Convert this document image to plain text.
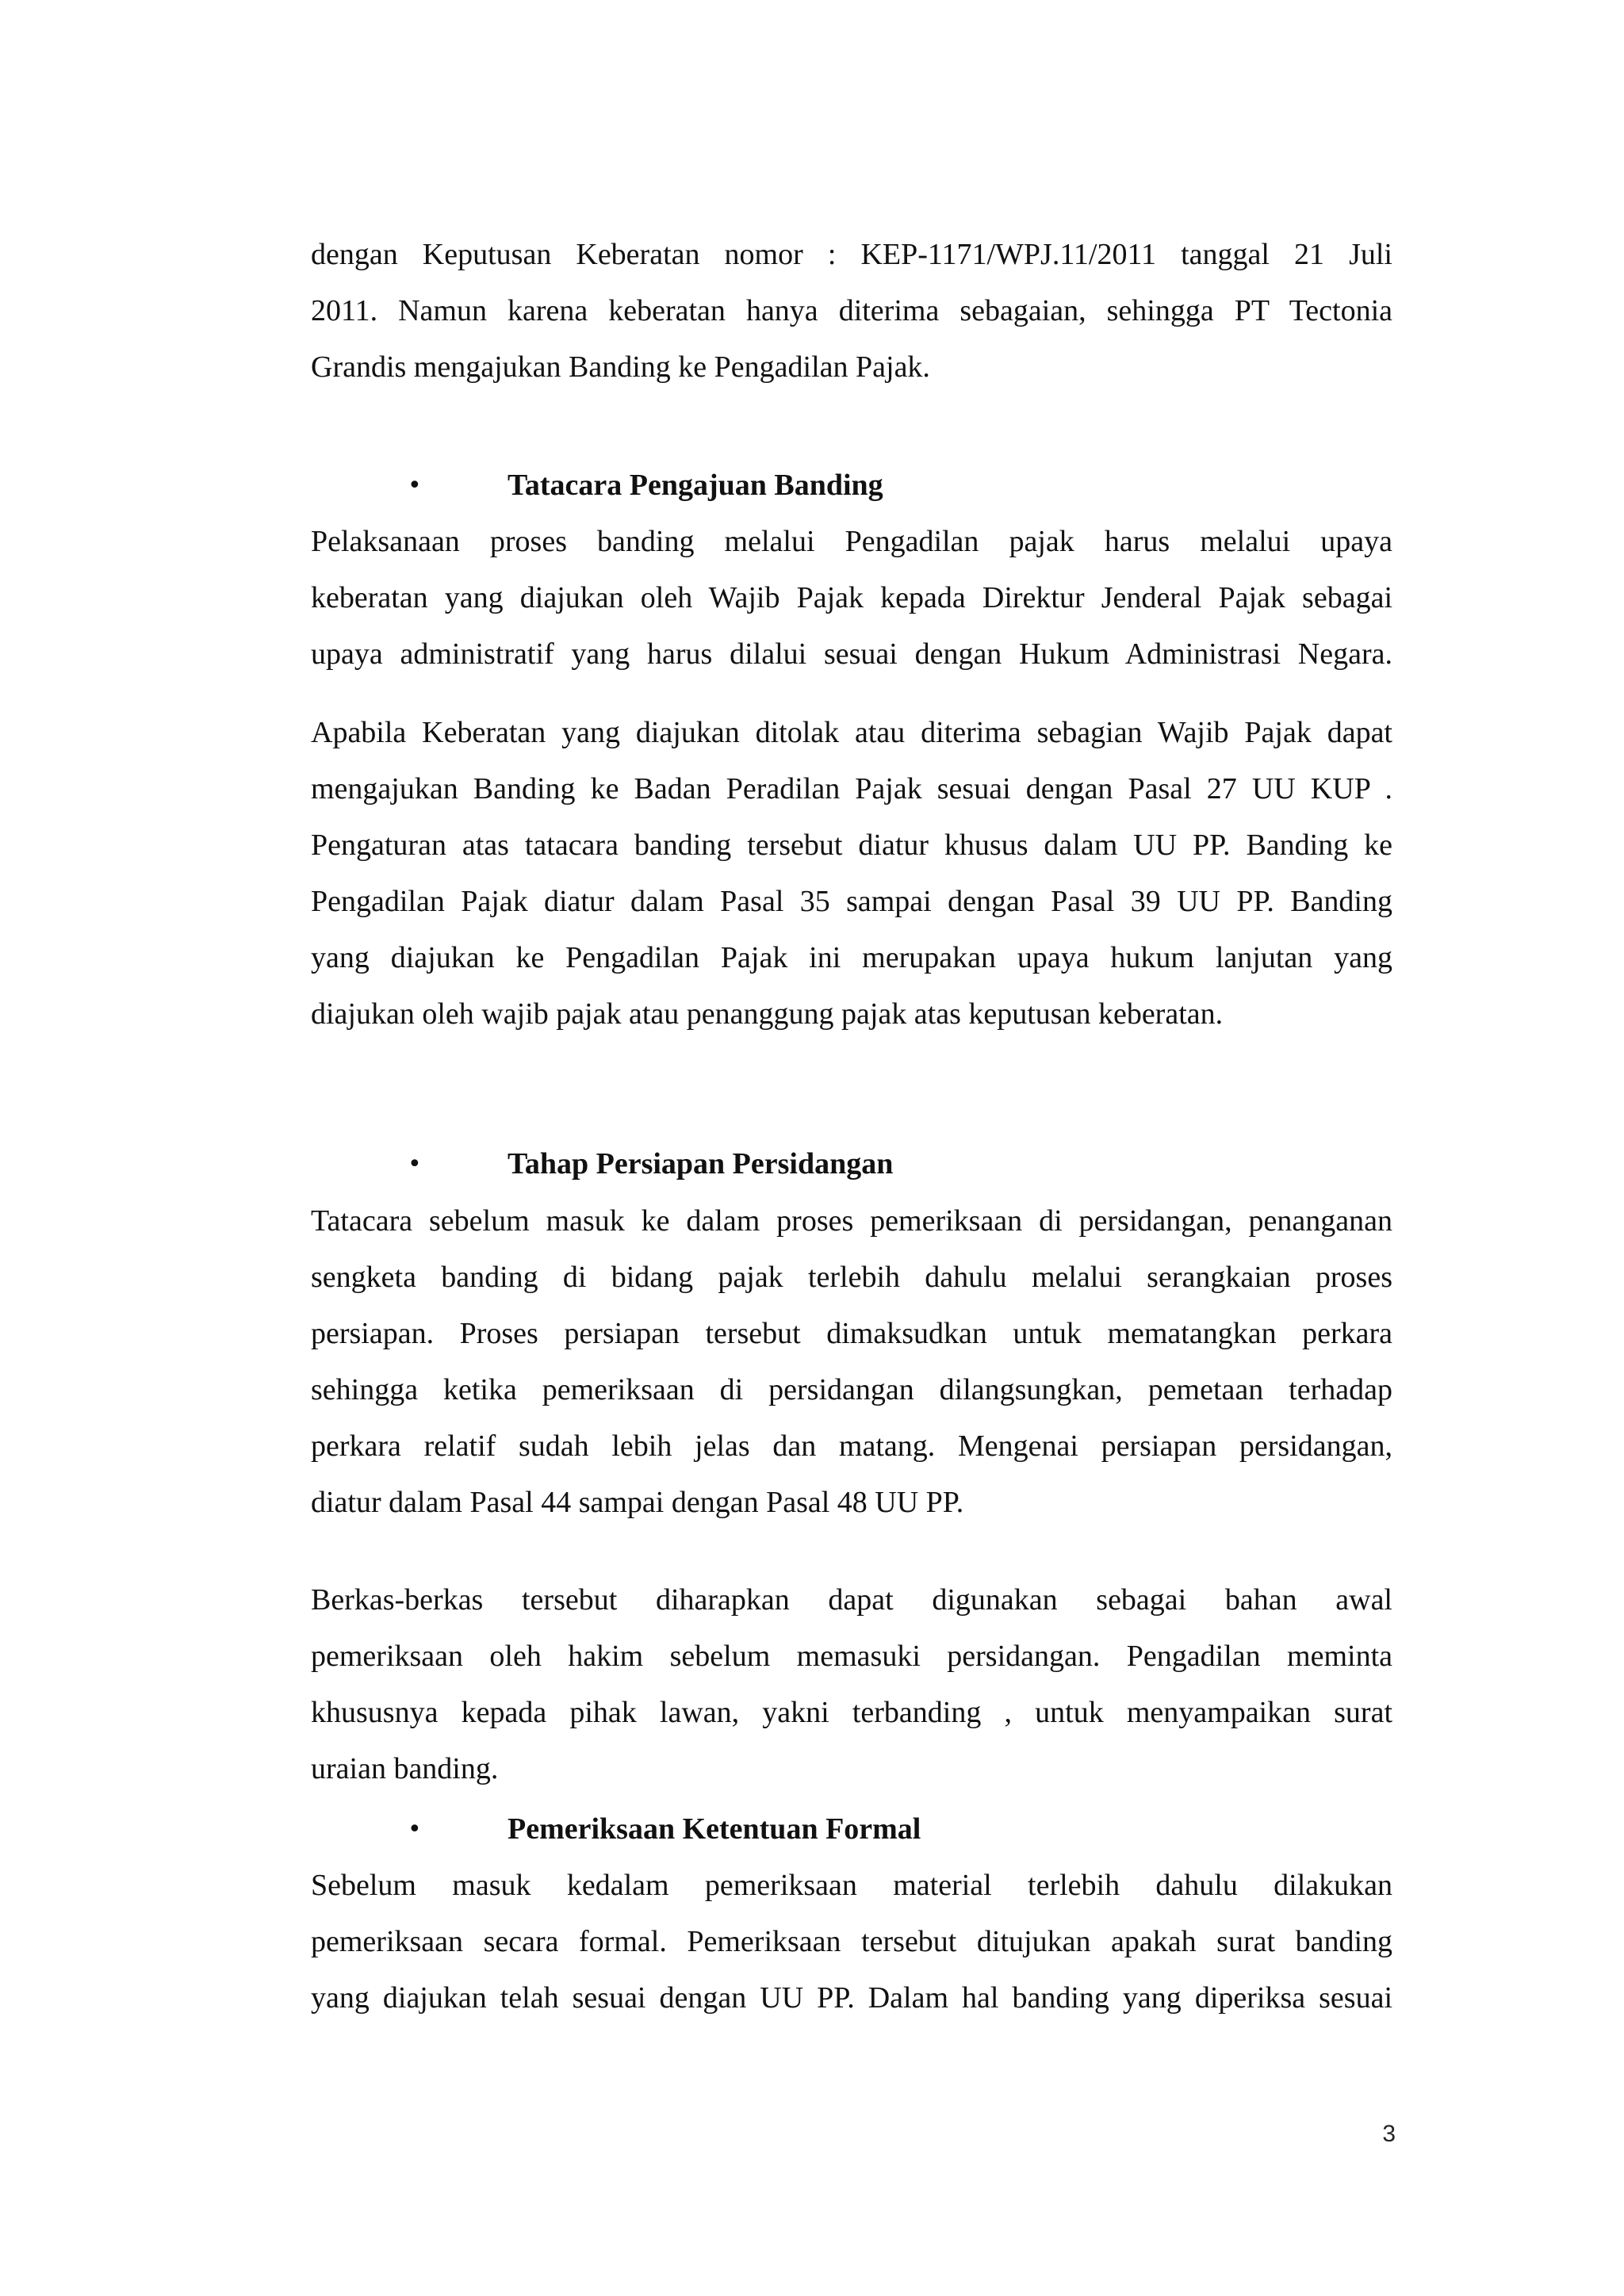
dengan Keputusan Keberatan nomor : KEP-1171/WPJ.11/2011 tanggal 21 Juli
2011. Namun karena keberatan hanya diterima sebagaian, sehingga PT Tectonia
Grandis mengajukan Banding ke Pengadilan Pajak.
•	Tatacara Pengajuan Banding
Pelaksanaan proses banding melalui Pengadilan pajak harus melalui upaya
keberatan yang diajukan oleh Wajib Pajak kepada Direktur Jenderal Pajak sebagai
upaya administratif yang harus dilalui sesuai dengan Hukum Administrasi Negara.
Apabila Keberatan yang diajukan ditolak atau diterima sebagian Wajib Pajak dapat
mengajukan Banding ke Badan Peradilan Pajak sesuai dengan Pasal 27 UU KUP .
Pengaturan atas tatacara banding tersebut diatur khusus dalam UU PP. Banding ke
Pengadilan Pajak diatur dalam Pasal 35 sampai dengan Pasal 39 UU PP. Banding
yang diajukan ke Pengadilan Pajak ini merupakan upaya hukum lanjutan yang
diajukan oleh wajib pajak atau penanggung pajak atas keputusan keberatan.
•	Tahap Persiapan Persidangan
Tatacara sebelum masuk ke dalam proses pemeriksaan di persidangan, penanganan
sengketa banding di bidang pajak terlebih dahulu melalui serangkaian proses
persiapan. Proses persiapan tersebut dimaksudkan untuk mematangkan perkara
sehingga ketika pemeriksaan di persidangan dilangsungkan, pemetaan terhadap
perkara relatif sudah lebih jelas dan matang. Mengenai persiapan persidangan,
diatur dalam Pasal 44 sampai dengan Pasal 48 UU PP.
Berkas-berkas tersebut diharapkan dapat digunakan sebagai bahan awal
pemeriksaan oleh hakim sebelum memasuki persidangan. Pengadilan meminta
khususnya kepada pihak lawan, yakni terbanding , untuk menyampaikan surat
uraian banding.
•	Pemeriksaan Ketentuan Formal
Sebelum masuk kedalam pemeriksaan material terlebih dahulu dilakukan
pemeriksaan secara formal. Pemeriksaan tersebut ditujukan apakah surat banding
yang diajukan telah sesuai dengan UU PP. Dalam hal banding yang diperiksa sesuai
3
